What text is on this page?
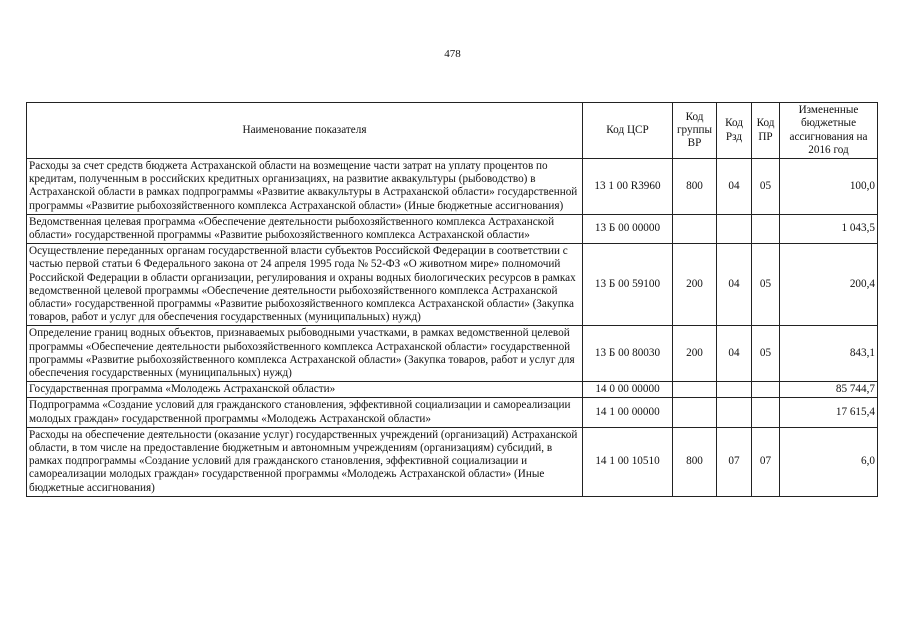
478
Наименование показателя	Код ЦСР	Код группы ВР	Код Рзд	Код ПР	Измененные бюджетные ассигнования на 2016 год
Расходы за счет средств бюджета Астраханской области на возмещение части затрат на уплату процентов по кредитам, полученным в российских кредитных организациях, на развитие аквакультуры (рыбоводство) в Астраханской области в рамках подпрограммы «Развитие аквакультуры в Астраханской области» государственной программы «Развитие рыбохозяйственного комплекса Астраханской области» (Иные бюджетные ассигнования)	13 1 00 R3960	800	04	05	100,0
Ведомственная целевая программа «Обеспечение деятельности рыбохозяйственного комплекса Астраханской области» государственной программы «Развитие рыбохозяйственного комплекса Астраханской области»	13 Б 00 00000				1 043,5
Осуществление переданных органам государственной власти субъектов Российской Федерации в соответствии с частью первой статьи 6 Федерального закона от 24 апреля 1995 года № 52-ФЗ «О животном мире» полномочий Российской Федерации в области организации, регулирования и охраны водных биологических ресурсов в рамках ведомственной целевой программы «Обеспечение деятельности рыбохозяйственного комплекса Астраханской области» государственной программы «Развитие рыбохозяйственного комплекса Астраханской области» (Закупка товаров, работ и услуг для обеспечения государственных (муниципальных) нужд)	13 Б 00 59100	200	04	05	200,4
Определение границ водных объектов, признаваемых рыбоводными участками, в рамках ведомственной целевой программы «Обеспечение деятельности рыбохозяйственного комплекса Астраханской области» государственной программы «Развитие рыбохозяйственного комплекса Астраханской области» (Закупка товаров, работ и услуг для обеспечения государственных (муниципальных) нужд)	13 Б 00 80030	200	04	05	843,1
Государственная программа «Молодежь Астраханской области»	14 0 00 00000				85 744,7
Подпрограмма «Создание условий для гражданского становления, эффективной социализации и самореализации молодых граждан» государственной программы «Молодежь Астраханской области»	14 1 00 00000				17 615,4
Расходы на обеспечение деятельности (оказание услуг) государственных учреждений (организаций) Астраханской области, в том числе на предоставление бюджетным и автономным учреждениям (организациям) субсидий, в рамках подпрограммы «Создание условий для гражданского становления, эффективной социализации и самореализации молодых граждан» государственной программы «Молодежь Астраханской области» (Иные бюджетные ассигнования)	14 1 00 10510	800	07	07	6,0
